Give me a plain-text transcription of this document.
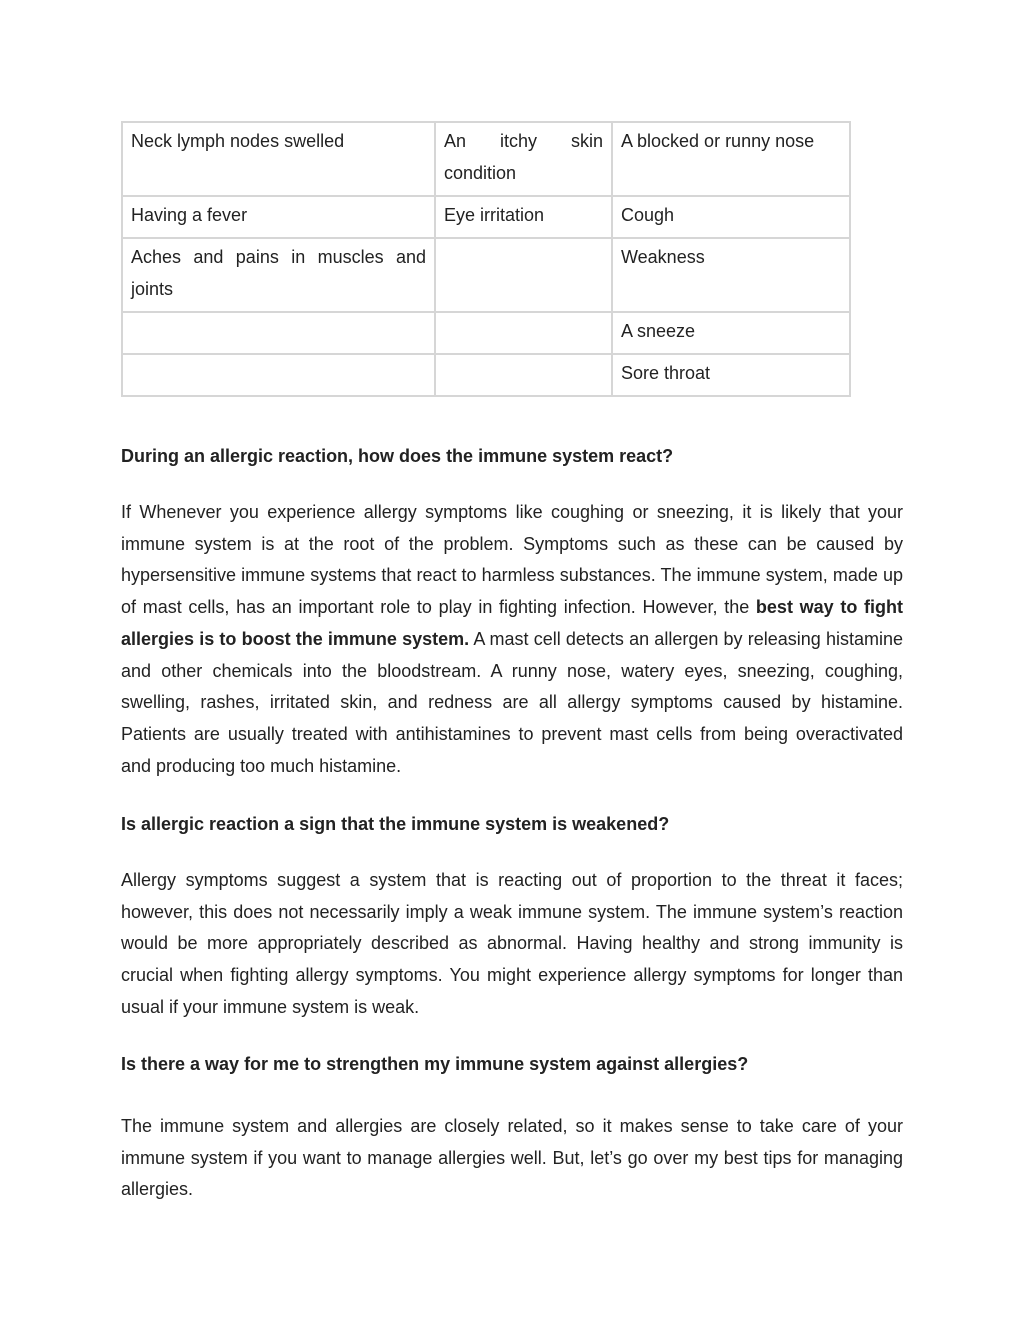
Neck lymph nodes swelled	An itchy skin condition	A blocked or runny nose
Having a fever	Eye irritation	Cough
Aches and pains in muscles and joints		Weakness
		A sneeze
		Sore throat
During an allergic reaction, how does the immune system react?

If Whenever you experience allergy symptoms like coughing or sneezing, it is likely that your immune system is at the root of the problem. Symptoms such as these can be caused by hypersensitive immune systems that react to harmless substances. The immune system, made up of mast cells, has an important role to play in fighting infection. However, the best way to fight allergies is to boost the immune system. A mast cell detects an allergen by releasing histamine and other chemicals into the bloodstream. A runny nose, watery eyes, sneezing, coughing, swelling, rashes, irritated skin, and redness are all allergy symptoms caused by histamine. Patients are usually treated with antihistamines to prevent mast cells from being overactivated and producing too much histamine.

Is allergic reaction a sign that the immune system is weakened?

Allergy symptoms suggest a system that is reacting out of proportion to the threat it faces; however, this does not necessarily imply a weak immune system. The immune system’s reaction would be more appropriately described as abnormal. Having healthy and strong immunity is crucial when fighting allergy symptoms. You might experience allergy symptoms for longer than usual if your immune system is weak.

Is there a way for me to strengthen my immune system against allergies?

The immune system and allergies are closely related, so it makes sense to take care of your immune system if you want to manage allergies well. But, let’s go over my best tips for managing allergies.
